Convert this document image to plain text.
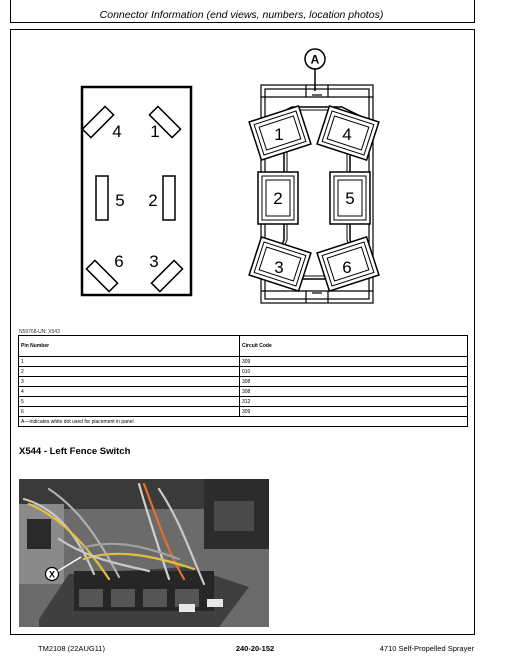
Connector Information (end views, numbers, location photos)
4 1
5 2
6 3
A
1	4
2	5
3	6
N59768-UN: X543
Pin Number	Circuit Code
1	309
2	010
3	308
4	308
5	312
6	309
A—Indicates white dot used for placement in panel	
X544 - Left Fence Switch
X
TM2108 (22AUG11)	240-20-152	4710 Self-Propelled Sprayer
